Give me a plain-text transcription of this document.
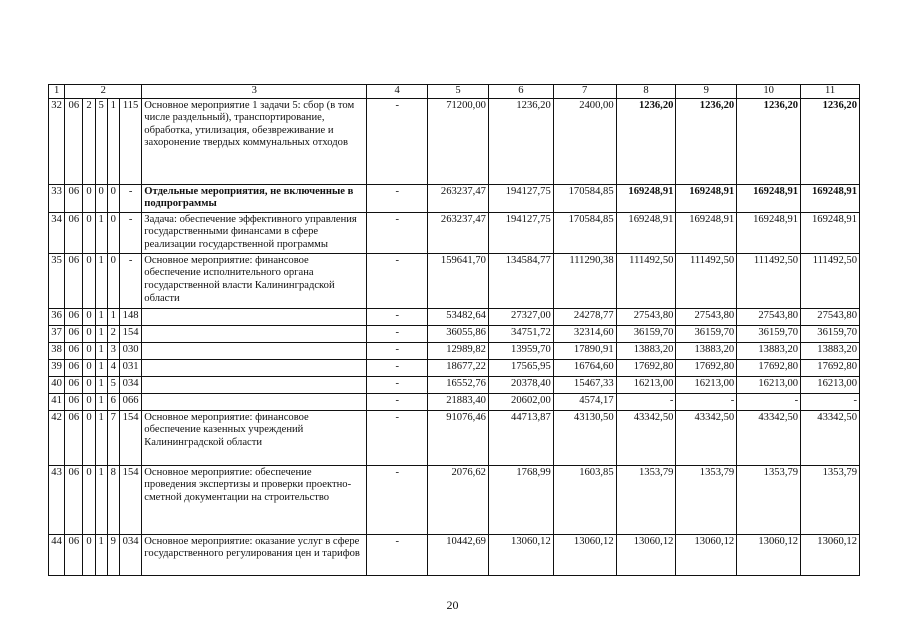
1	2					3	4	5	6	7	8	9	10	11
32	06	2	5	1	115	Основное мероприятие 1 задачи 5: сбор (в том числе раздельный), транспортирование, обработка, утилизация, обезвреживание и захоронение твердых коммунальных отходов	-	71200,00	1236,20	2400,00	1236,20	1236,20	1236,20	1236,20
33	06	0	0	0	-	Отдельные мероприятия, не включенные в подпрограммы	-	263237,47	194127,75	170584,85	169248,91	169248,91	169248,91	169248,91
34	06	0	1	0	-	Задача: обеспечение эффективного управления государственными финансами в сфере реализации государственной программы	-	263237,47	194127,75	170584,85	169248,91	169248,91	169248,91	169248,91
35	06	0	1	0	-	Основное мероприятие: финансовое обеспечение исполнительного органа государственной власти Калининградской области	-	159641,70	134584,77	111290,38	111492,50	111492,50	111492,50	111492,50
36	06	0	1	1	148		-	53482,64	27327,00	24278,77	27543,80	27543,80	27543,80	27543,80
37	06	0	1	2	154		-	36055,86	34751,72	32314,60	36159,70	36159,70	36159,70	36159,70
38	06	0	1	3	030		-	12989,82	13959,70	17890,91	13883,20	13883,20	13883,20	13883,20
39	06	0	1	4	031		-	18677,22	17565,95	16764,60	17692,80	17692,80	17692,80	17692,80
40	06	0	1	5	034		-	16552,76	20378,40	15467,33	16213,00	16213,00	16213,00	16213,00
41	06	0	1	6	066		-	21883,40	20602,00	4574,17	-	-	-	-
42	06	0	1	7	154	Основное мероприятие: финансовое обеспечение казенных учреждений Калининградской области	-	91076,46	44713,87	43130,50	43342,50	43342,50	43342,50	43342,50
43	06	0	1	8	154	Основное мероприятие: обеспечение проведения экспертизы и проверки проектно-сметной документации на строительство	-	2076,62	1768,99	1603,85	1353,79	1353,79	1353,79	1353,79
44	06	0	1	9	034	Основное мероприятие: оказание услуг в сфере государственного регулирования цен и тарифов	-	10442,69	13060,12	13060,12	13060,12	13060,12	13060,12	13060,12
20
